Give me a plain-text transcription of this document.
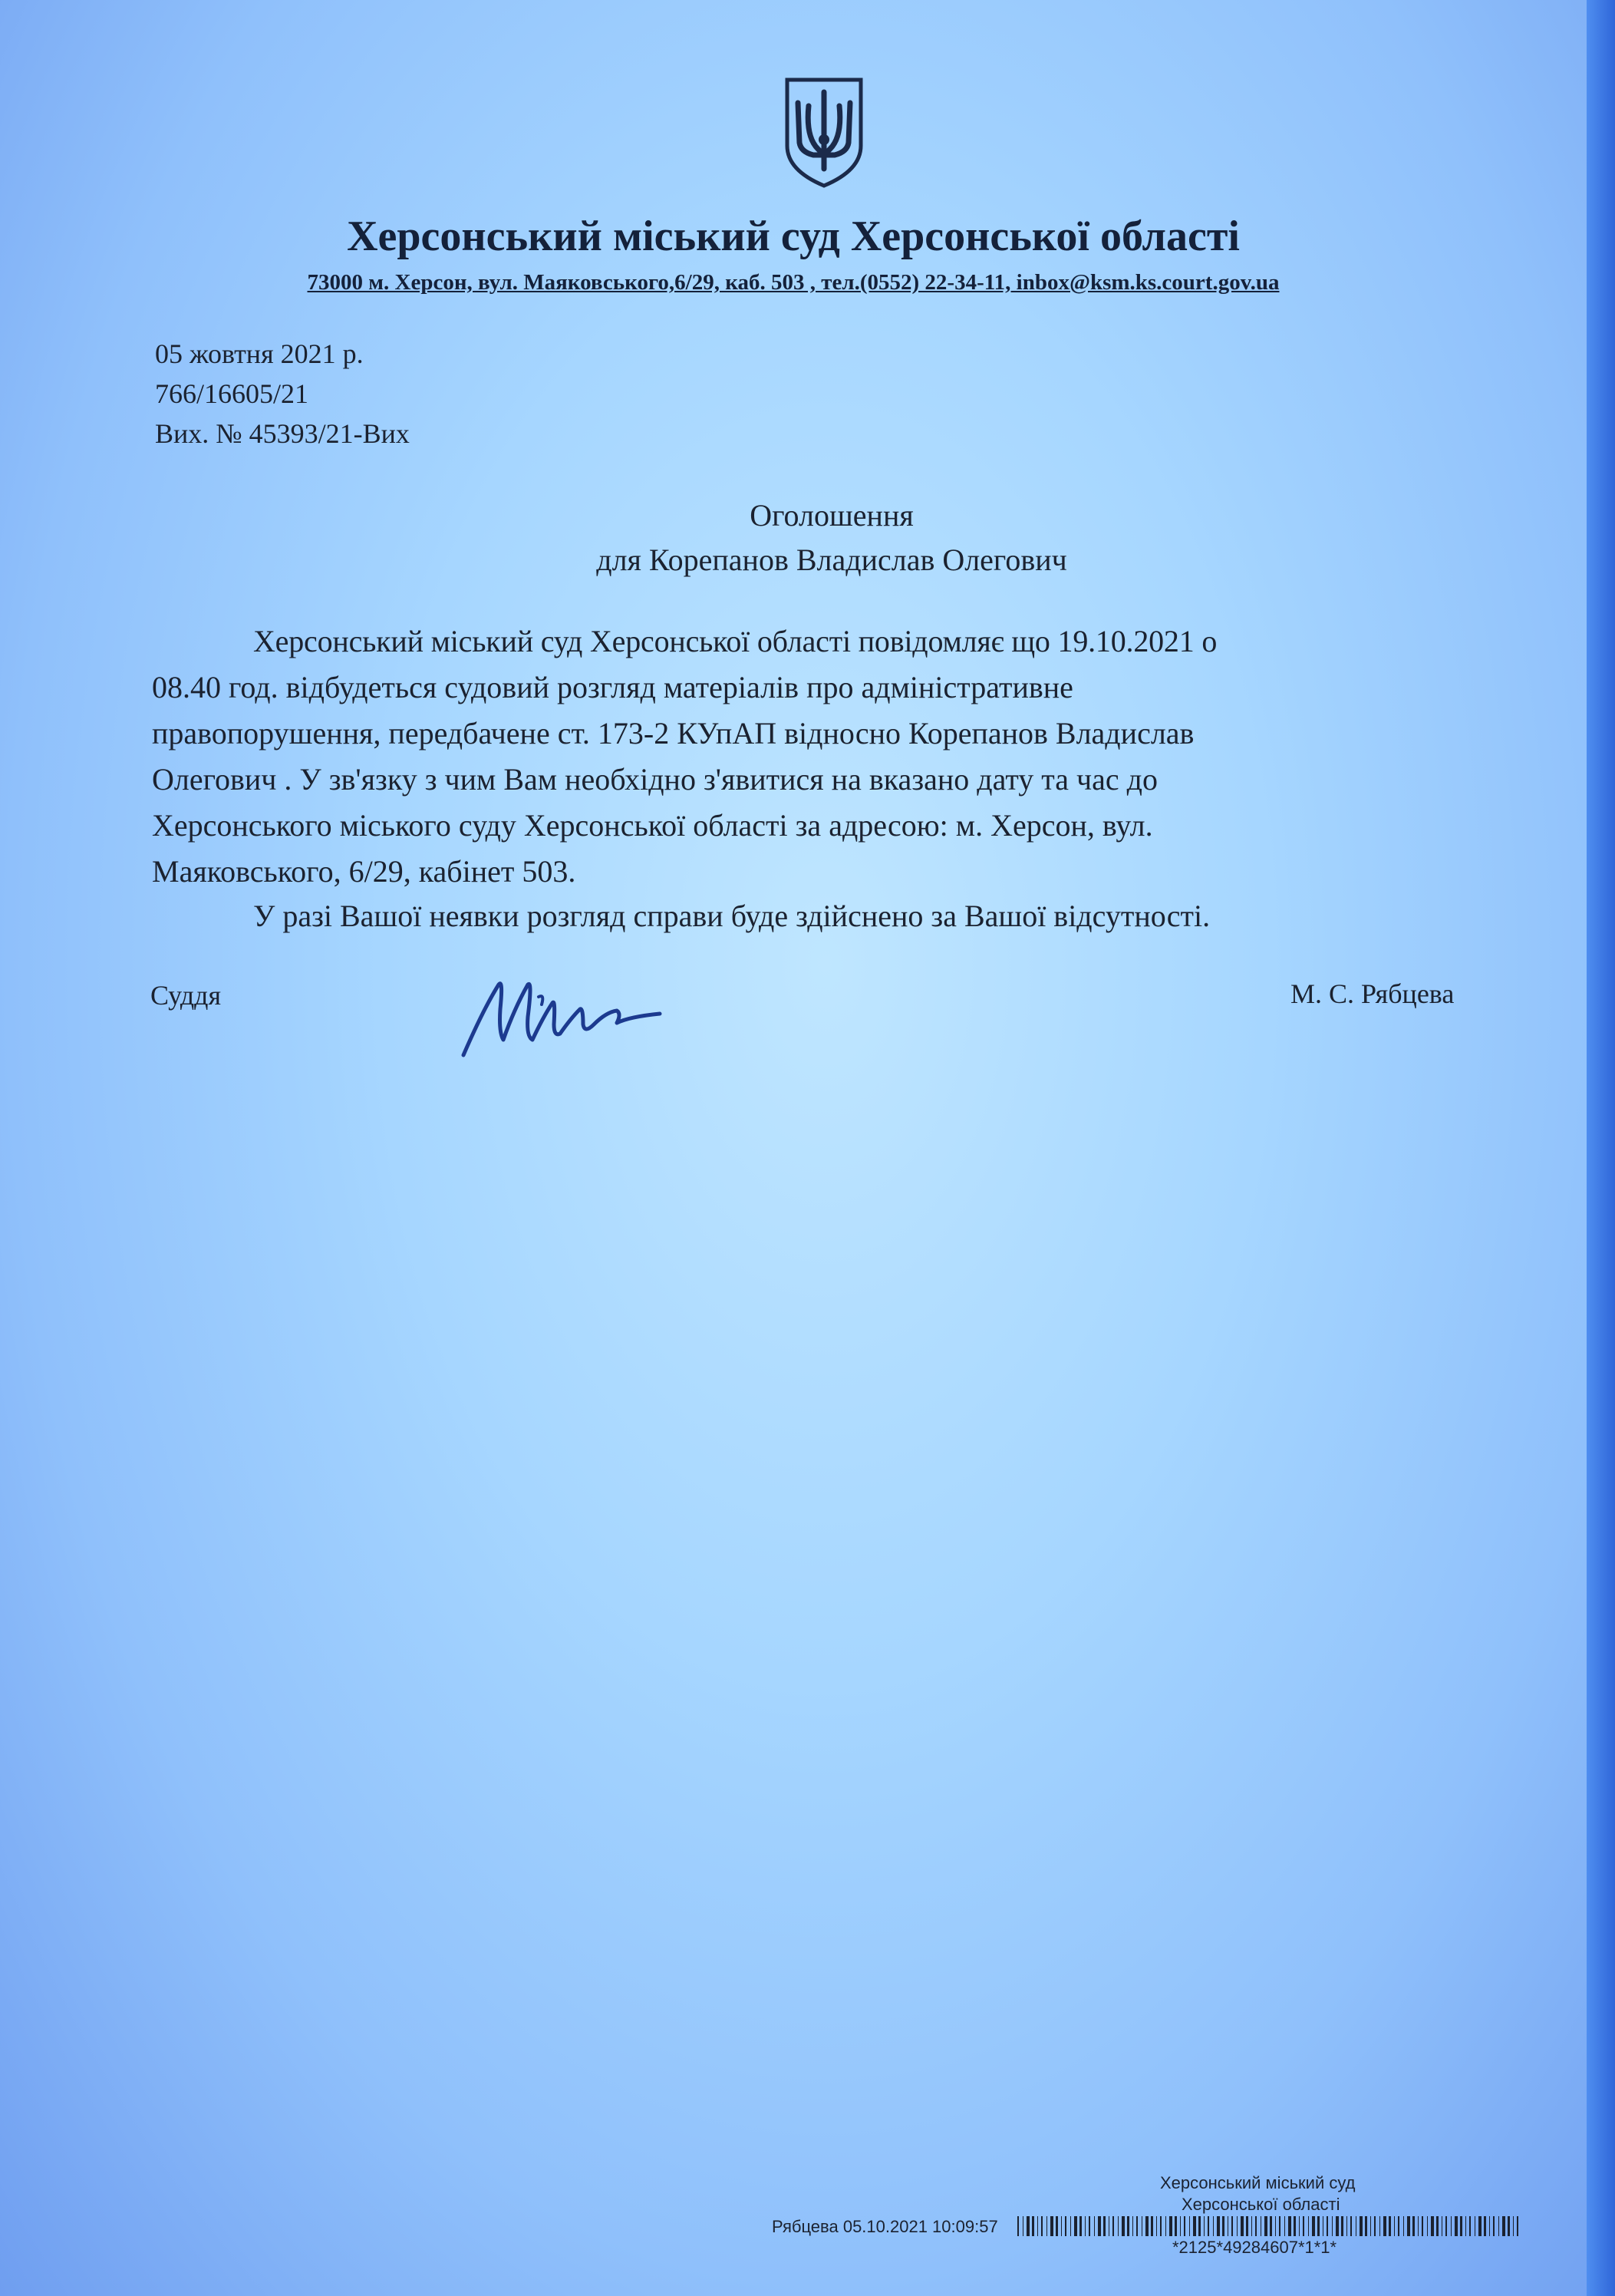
Херсонський міський суд Херсонської області
73000 м. Херсон, вул. Маяковського,6/29, каб. 503 , тел.(0552) 22-34-11, inbox@ksm.ks.court.gov.ua
05 жовтня 2021 р.
766/16605/21
Вих. № 45393/21-Вих
Оголошення
для Корепанов Владислав Олегович
Херсонський міський суд Херсонської області повідомляє що 19.10.2021 о
08.40 год. відбудеться судовий розгляд матеріалів про адміністративне
правопорушення, передбачене ст. 173-2 КУпАП відносно Корепанов Владислав
Олегович . У зв'язку з чим Вам необхідно з'явитися на вказано дату та час до
Херсонського міського суду Херсонської області за адресою: м. Херсон, вул.
Маяковського, 6/29, кабінет 503.
У разі Вашої неявки розгляд справи буде здійснено за Вашої відсутності.
Суддя	М. С. Рябцева
Херсонський міський суд
Херсонської області
Рябцева 05.10.2021 10:09:57
*2125*49284607*1*1*
